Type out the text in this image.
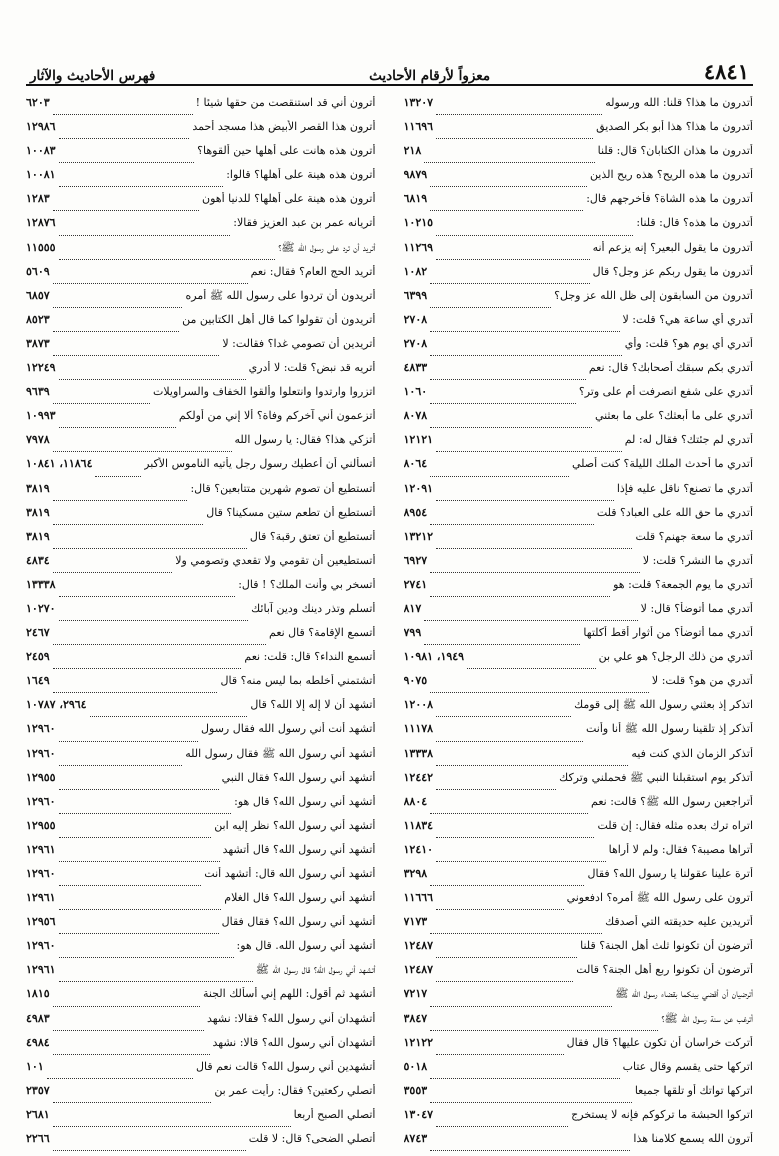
٤٨٤١
معزواً لأرقام الأحاديث
فهرس الأحاديث والآثار
أتدرون ما هذا؟ قلنا: الله ورسوله
١٣٢٠٧
أتدرون ما هذا؟ هذا أبو بكر الصديق
١١٦٩٦
أتدرون ما هذان الكتابان؟ قال: قلنا
٢١٨
أتدرون ما هذه الريح؟ هذه ريح الذين
٩٨٧٩
أتدرون ما هذه الشاة؟ فأخرجهم قال:
٦٨١٩
أتدرون ما هذه؟ قال: قلنا:
١٠٢١٥
أتدرون ما يقول البعير؟ إنه يزعم أنه
١١٢٦٩
أتدرون ما يقول ربكم عز وجل؟ قال
١٠٨٢
أتدرون من السابقون إلى ظل الله عز وجل؟
٦٣٩٩
أتدري أي ساعة هي؟ قلت: لا
٢٧٠٨
أتدري أي يوم هو؟ قلت: وأي
٢٧٠٨
أتدري بكم سبقك أصحابك؟ قال: نعم
٤٨٣٣
أتدري على شفع انصرفت أم على وتر؟
١٠٦٠
أتدري على ما أبعثك؟ على ما بعثني
٨٠٧٨
أتدري لم جئتك؟ فقال له: لم
١٢١٢١
أتدري ما أحدث الملك الليلة؟ كنت أصلي
٨٠٦٤
أتدري ما تصنع؟ ناقل عليه فإذا
١٢٠٩١
أتدري ما حق الله على العباد؟ قلت
٨٩٥٤
أتدري ما سعة جهنم؟ قلت
١٣٢١٢
أتدري ما النشر؟ قلت: لا
٦٩٢٧
أتدري ما يوم الجمعة؟ قلت: هو
٢٧٤١
أتدري مما أتوضأ؟ قال: لا
٨١٧
أتدري مما أتوضأ؟ من أثوار أقط أكلتها
٧٩٩
أتدري من ذلك الرجل؟ هو علي بن
١٩٤٩، ١٠٩٨١
أتدري من هو؟ قلت: لا
٩٠٧٥
اتذكر إذ بعثني رسول الله ﷺ إلى قومك
١٢٠٠٨
أتذكر إذ تلقينا رسول الله ﷺ أنا وأنت
١١١٧٨
أتذكر الزمان الذي كنت فيه
١٣٣٣٨
أتذكر يوم استقبلنا النبي ﷺ فحملني وتركك
١٢٤٤٢
أتراجعين رسول الله ﷺ؟ قالت: نعم
٨٨٠٤
اتراه ترك بعده مثله فقال: إن قلت
١١٨٣٤
أتراها مصيبة؟ فقال: ولم لا أراها
١٢٤١٠
أترة علينا عقولنا يا رسول الله؟ فقال
٣٢٩٨
أترون على رسول الله ﷺ أمره؟ ادفعوني
١١٦٦٦
أتريدين عليه حديقته التي أصدقك
٧١٧٣
أترضون أن تكونوا ثلث أهل الجنة؟ قلنا
١٢٤٨٧
أترضون أن تكونوا ربع أهل الجنة؟ قالت
١٢٤٨٧
أترضيان أن أقضي بينكما بقضاء رسول الله ﷺ
٧٢١٧
أترغب عن سنة رسول الله ﷺ؟
٣٨٤٧
أتركت خراسان أن تكون عليها؟ قال فقال
١٢١٢٢
اتركها حتى يقسم وقال عتاب
٥٠١٨
اتركها تواتك أو تلقها جميعا
٣٥٥٣
اتركوا الحبشة ما تركوكم فإنه لا يستخرج
١٣٠٤٧
أترون الله يسمع كلامنا هذا
٨٧٤٣
أترون أني قد استنقصت من حقها شيئا !
٦٢٠٣
أترون هذا القصر الأبيض هذا مسجد أحمد
١٢٩٨٦
أترون هذه هانت على أهلها حين ألقوها؟
١٠٠٨٣
أترون هذه هينة على أهلها؟ قالوا:
١٠٠٨١
أترون هذه هينة على أهلها؟ للدنيا أهون
١٢٨٣
أتريانه عمر بن عبد العزيز فقالا:
١٢٨٧٦
أتريد أن ترد على رسول الله ﷺ؟
١١٥٥٥
أتريد الحج العام؟ فقال: نعم
٥٦٠٩
أتريدون أن تردوا على رسول الله ﷺ أمره
٦٨٥٧
أتريدون أن تقولوا كما قال أهل الكتابين من
٨٥٢٣
أتريدين أن تصومي غدا؟ فقالت: لا
٣٨٧٣
أتريه قد نبض؟ قلت: لا أدري
١٢٢٤٩
اتزروا وارتدوا وانتعلوا وألقوا الخفاف والسراويلات
٩٦٣٩
أتزعمون أني آخركم وفاة؟ ألا إني من أولكم
١٠٩٩٣
أتزكي هذا؟ فقال: يا رسول الله
٧٩٧٨
أتسألني أن أعطيك رسول رجل يأتيه الناموس الأكبر
١١٨٦٤، ١٠٨٤١
أتستطيع أن تصوم شهرين متتابعين؟ قال:
٣٨١٩
أتستطيع أن تطعم ستين مسكينا؟ قال
٣٨١٩
أتستطيع أن تعتق رقبة؟ قال
٣٨١٩
أتستطيعين أن تقومي ولا تقعدي وتصومي ولا
٤٨٣٤
أتسخر بي وأنت الملك؟ ! قال:
١٣٣٣٨
أتسلم وتذر دينك ودين آبائك
١٠٢٧٠
أتسمع الإقامة؟ قال نعم
٢٤٦٧
أتسمع النداء؟ قال: قلت: نعم
٢٤٥٩
أتشتمني أخلطه بما ليس منه؟ قال
١٦٤٩
أتشهد أن لا إله إلا الله؟ قال
٢٩٦٤، ١٠٧٨٧
أتشهد أنت أني رسول الله فقال رسول
١٢٩٦٠
أتشهد أني رسول الله ﷺ فقال رسول الله
١٢٩٦٠
أتشهد أني رسول الله؟ فقال النبي
١٢٩٥٥
أتشهد أني رسول الله؟ قال هو:
١٢٩٦٠
أتشهد أني رسول الله؟ نظر إليه ابن
١٢٩٥٥
أتشهد أني رسول الله؟ قال أتشهد
١٢٩٦١
أتشهد أني رسول الله قال: أتشهد أنت
١٢٩٦٠
أتشهد أني رسول الله؟ قال الغلام
١٢٩٦١
أتشهد أني رسول الله؟ فقال فقال
١٢٩٥٦
أتشهد أني رسول الله. قال هو:
١٢٩٦٠
أتشهد أني رسول الله؟ قال رسول الله ﷺ
١٢٩٦١
أتشهد ثم أقول: اللهم إني أسألك الجنة
١٨١٥
أتشهدان أني رسول الله؟ فقالا: نشهد
٤٩٨٣
أتشهدان أني رسول الله؟ قالا: نشهد
٤٩٨٤
أتشهدين أني رسول الله؟ قالت نعم قال
١٠١
أتصلي ركعتين؟ فقال: رأيت عمر بن
٢٣٥٧
أتصلي الصبح أربعا
٢٦٨١
أتصلي الضحى؟ قال: لا قلت
٢٢٦٦
